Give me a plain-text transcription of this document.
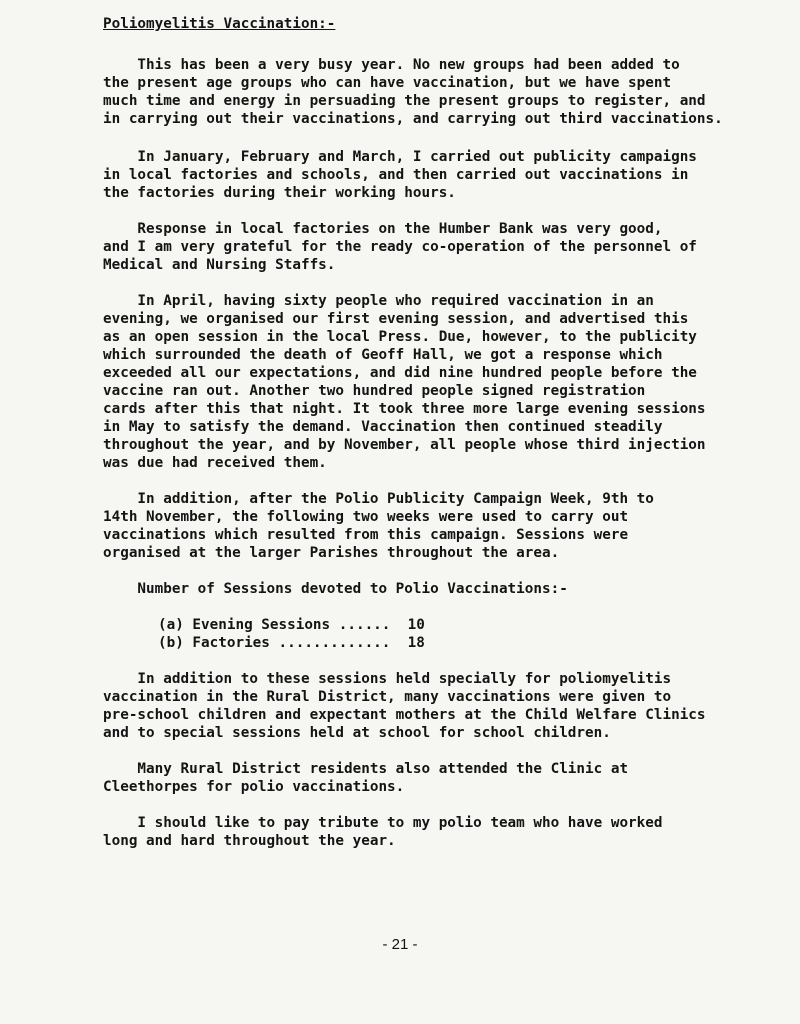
Poliomyelitis Vaccination:-

This has been a very busy year. No new groups had been added to
the present age groups who can have vaccination, but we have spent
much time and energy in persuading the present groups to register, and
in carrying out their vaccinations, and carrying out third vaccinations.

In January, February and March, I carried out publicity campaigns
in local factories and schools, and then carried out vaccinations in
the factories during their working hours.

Response in local factories on the Humber Bank was very good,
and I am very grateful for the ready co-operation of the personnel of
Medical and Nursing Staffs.

In April, having sixty people who required vaccination in an
evening, we organised our first evening session, and advertised this
as an open session in the local Press. Due, however, to the publicity
which surrounded the death of Geoff Hall, we got a response which
exceeded all our expectations, and did nine hundred people before the
vaccine ran out. Another two hundred people signed registration
cards after this that night. It took three more large evening sessions
in May to satisfy the demand. Vaccination then continued steadily
throughout the year, and by November, all people whose third injection
was due had received them.

In addition, after the Polio Publicity Campaign Week, 9th to
14th November, the following two weeks were used to carry out
vaccinations which resulted from this campaign. Sessions were
organised at the larger Parishes throughout the area.

Number of Sessions devoted to Polio Vaccinations:-

(a) Evening Sessions ......  10

(b) Factories .............  18

In addition to these sessions held specially for poliomyelitis
vaccination in the Rural District, many vaccinations were given to
pre-school children and expectant mothers at the Child Welfare Clinics
and to special sessions held at school for school children.

Many Rural District residents also attended the Clinic at
Cleethorpes for polio vaccinations.

I should like to pay tribute to my polio team who have worked
long and hard throughout the year.

- 21 -
